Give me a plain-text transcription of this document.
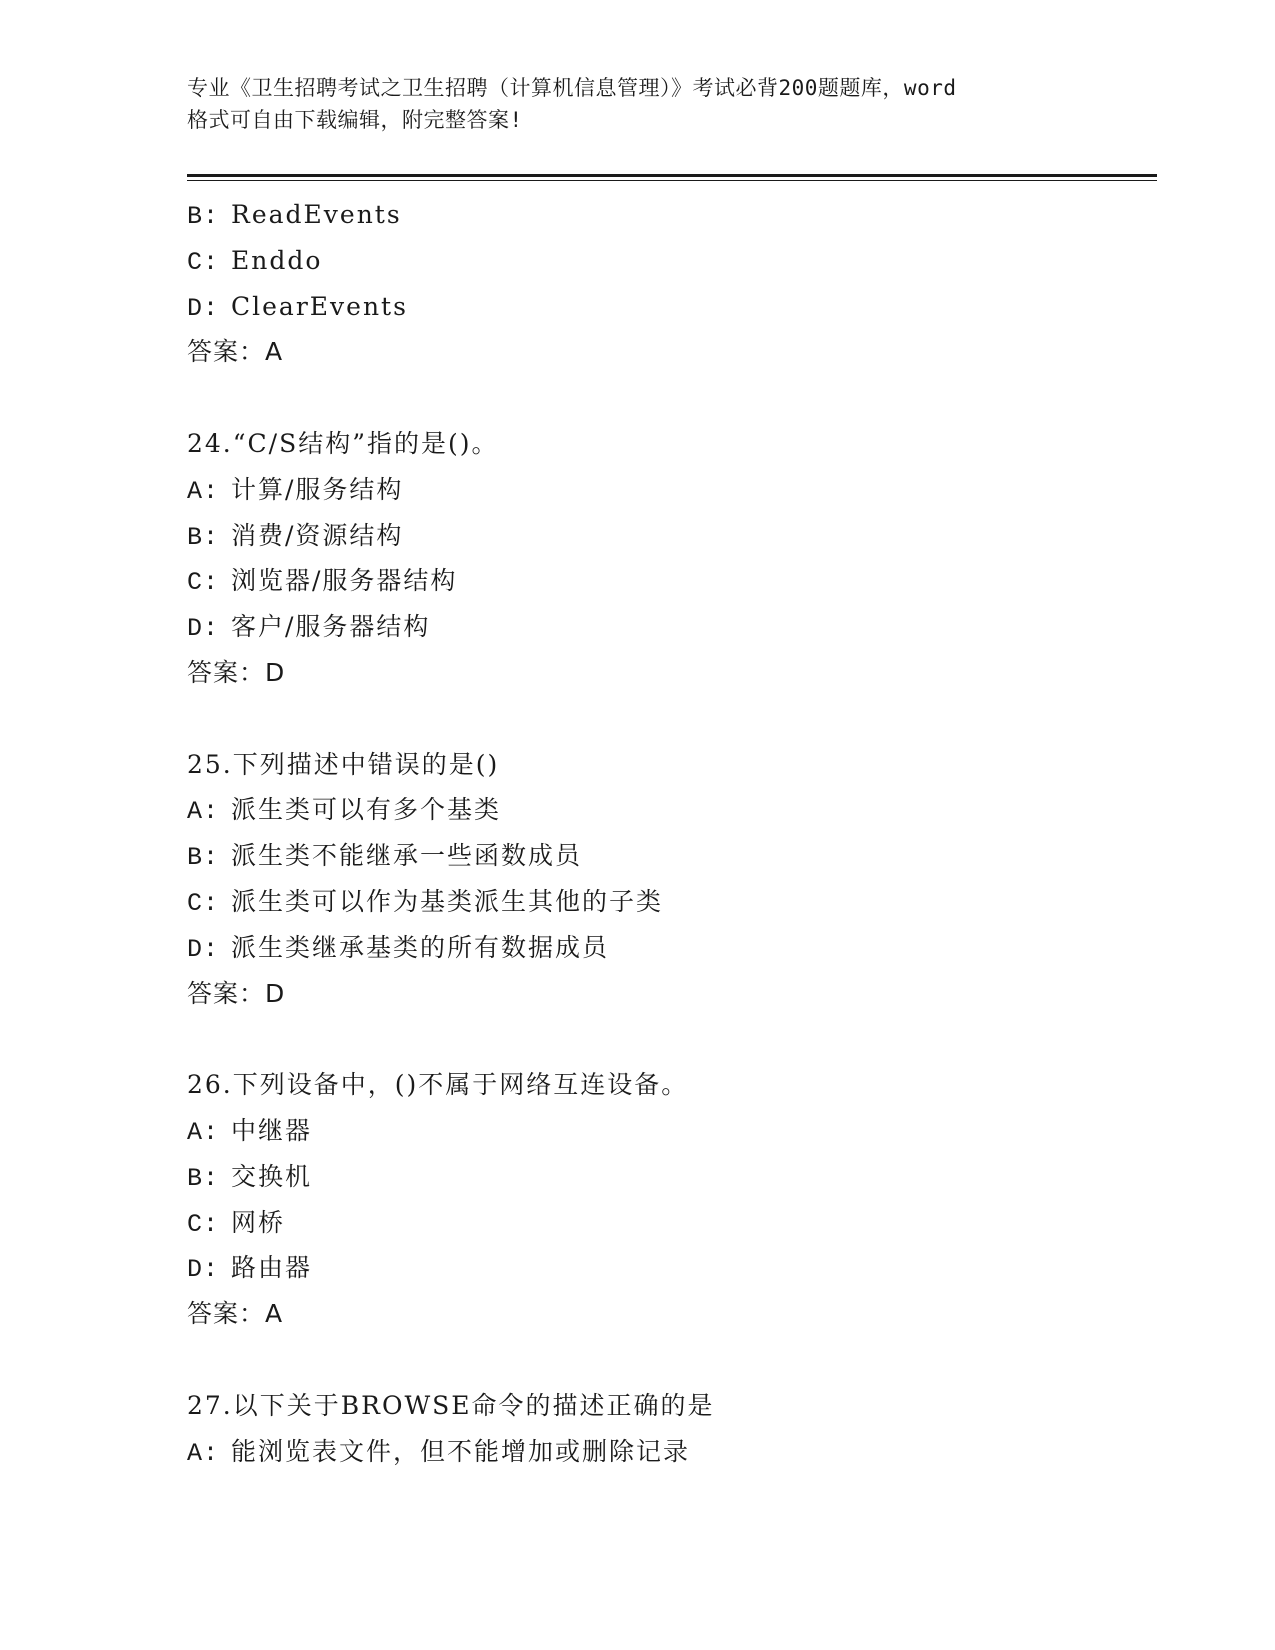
专业《卫生招聘考试之卫生招聘（计算机信息管理）》考试必背200题题库，word
格式可自由下载编辑，附完整答案!
B: ReadEvents
C: Enddo
D: ClearEvents
答案：A
24.“C/S结构”指的是()。
A: 计算/服务结构
B: 消费/资源结构
C: 浏览器/服务器结构
D: 客户/服务器结构
答案：D
25.下列描述中错误的是()
A: 派生类可以有多个基类
B: 派生类不能继承一些函数成员
C: 派生类可以作为基类派生其他的子类
D: 派生类继承基类的所有数据成员
答案：D
26.下列设备中，()不属于网络互连设备。
A: 中继器
B: 交换机
C: 网桥
D: 路由器
答案：A
27.以下关于BROWSE命令的描述正确的是
A: 能浏览表文件，但不能增加或删除记录
